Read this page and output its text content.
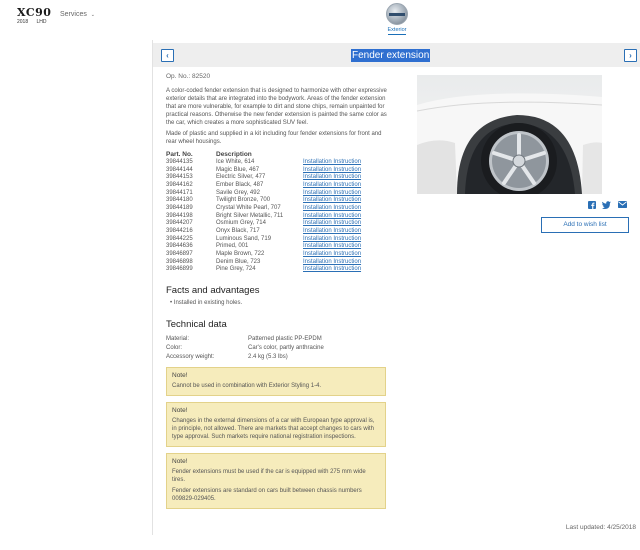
XC90
2018 LHD
Services ⌄
Exterior
‹	Fender extension	›
Op. No.: 82520

A color-coded fender extension that is designed to harmonize with other expressive exterior details that are integrated into the bodywork. Areas of the fender extension that are more vulnerable, for example to dirt and stone chips, remain unpainted for practical reasons. Otherwise the new fender extension is painted the same color as the car, which creates a more sophisticated SUV feel.

Made of plastic and supplied in a kit including four fender extensions for front and rear wheel housings.

Part. No.	Description	
39844135	Ice White, 614	Installation Instruction
39844144	Magic Blue, 467	Installation Instruction
39844153	Electric Silver, 477	Installation Instruction
39844162	Ember Black, 487	Installation Instruction
39844171	Savile Grey, 492	Installation Instruction
39844180	Twilight Bronze, 700	Installation Instruction
39844189	Crystal White Pearl, 707	Installation Instruction
39844198	Bright Silver Metallic, 711	Installation Instruction
39844207	Osmium Grey, 714	Installation Instruction
39844216	Onyx Black, 717	Installation Instruction
39844225	Luminous Sand, 719	Installation Instruction
39844636	Primed, 001	Installation Instruction
39846897	Maple Brown, 722	Installation Instruction
39846898	Denim Blue, 723	Installation Instruction
39846899	Pine Grey, 724	Installation Instruction
Facts and advantages
• Installed in existing holes.
Technical data
Material:	Patterned plastic PP-EPDM
Color:	Car's color, partly anthracine
Accessory weight:	2.4 kg (5.3 lbs)
Note!

Cannot be used in combination with Exterior Styling 1-4.

Note!

Changes in the external dimensions of a car with European type approval is, in principle, not allowed. There are markets that accept changes to cars with type approval. Such markets require national registration inspections.

Note!

Fender extensions must be used if the car is equipped with 275 mm wide tires.

Fender extensions are standard on cars built between chassis numbers 009829-029405.

Add to wish list
Last updated: 4/25/2018
